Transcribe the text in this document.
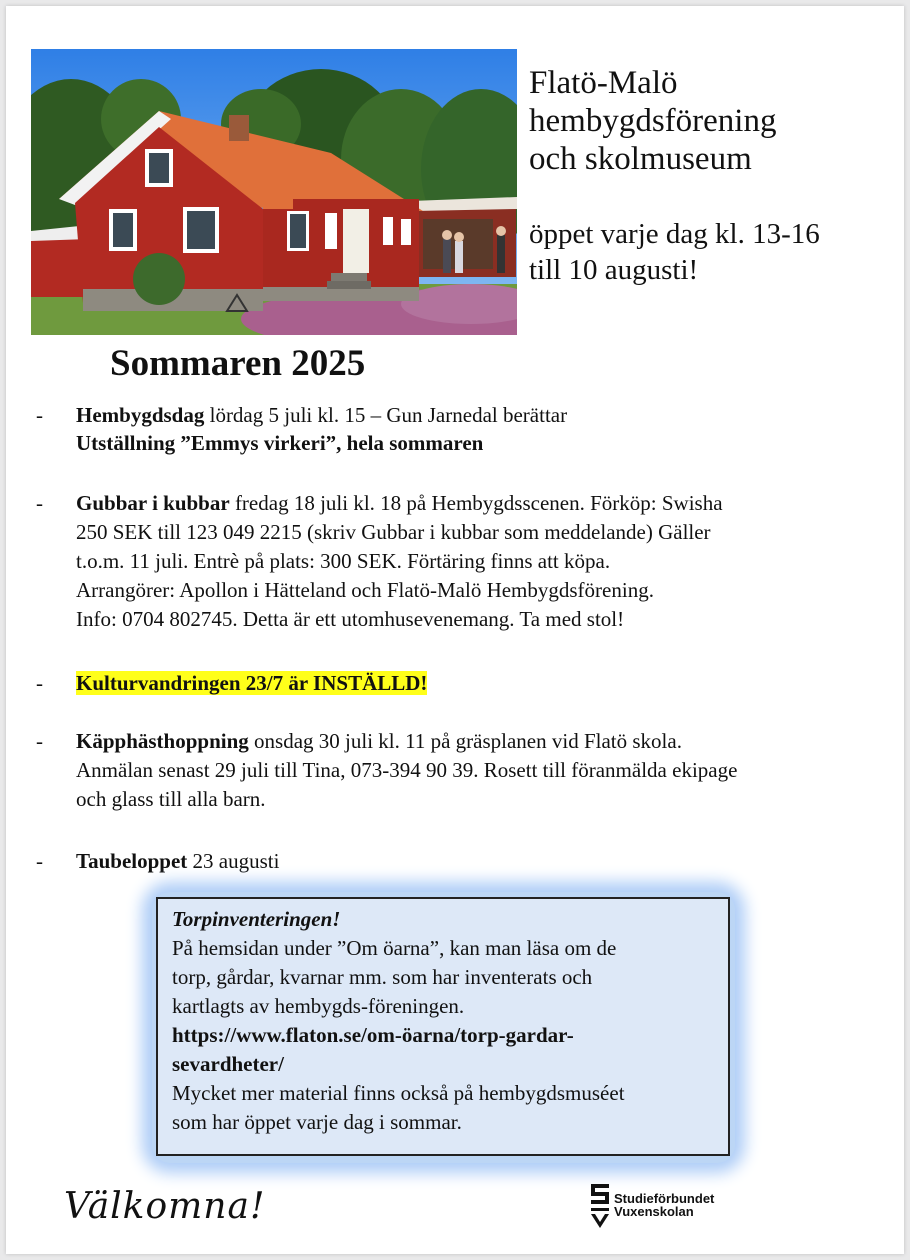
Flatö-Malö
hembygdsförening
och skolmuseum
öppet varje dag kl. 13-16
till 10 augusti!
Sommaren 2025
- Hembygdsdag lördag 5 juli kl. 15 – Gun Jarnedal berättar
Utställning ”Emmys virkeri”, hela sommaren
- Gubbar i kubbar fredag 18 juli kl. 18 på Hembygdsscenen. Förköp: Swisha
250 SEK till 123 049 2215 (skriv Gubbar i kubbar som meddelande) Gäller
t.o.m. 11 juli. Entrè på plats: 300 SEK. Förtäring finns att köpa.
Arrangörer: Apollon i Hätteland och Flatö-Malö Hembygdsförening.
Info: 0704 802745. Detta är ett utomhusevenemang. Ta med stol!
- Kulturvandringen 23/7 är INSTÄLLD!
- Käpphästhoppning onsdag 30 juli kl. 11 på gräsplanen vid Flatö skola.
Anmälan senast 29 juli till Tina, 073-394 90 39. Rosett till föranmälda ekipage
och glass till alla barn.
- Taubeloppet 23 augusti
Torpinventeringen!
På hemsidan under ”Om öarna”, kan man läsa om de
torp, gårdar, kvarnar mm. som har inventerats och
kartlagts av hembygds-föreningen.
https://www.flaton.se/om-öarna/torp-gardar-
sevardheter/
Mycket mer material finns också på hembygdsmuséet
som har öppet varje dag i sommar.
Välkomna!	Studieförbundet
Vuxenskolan
